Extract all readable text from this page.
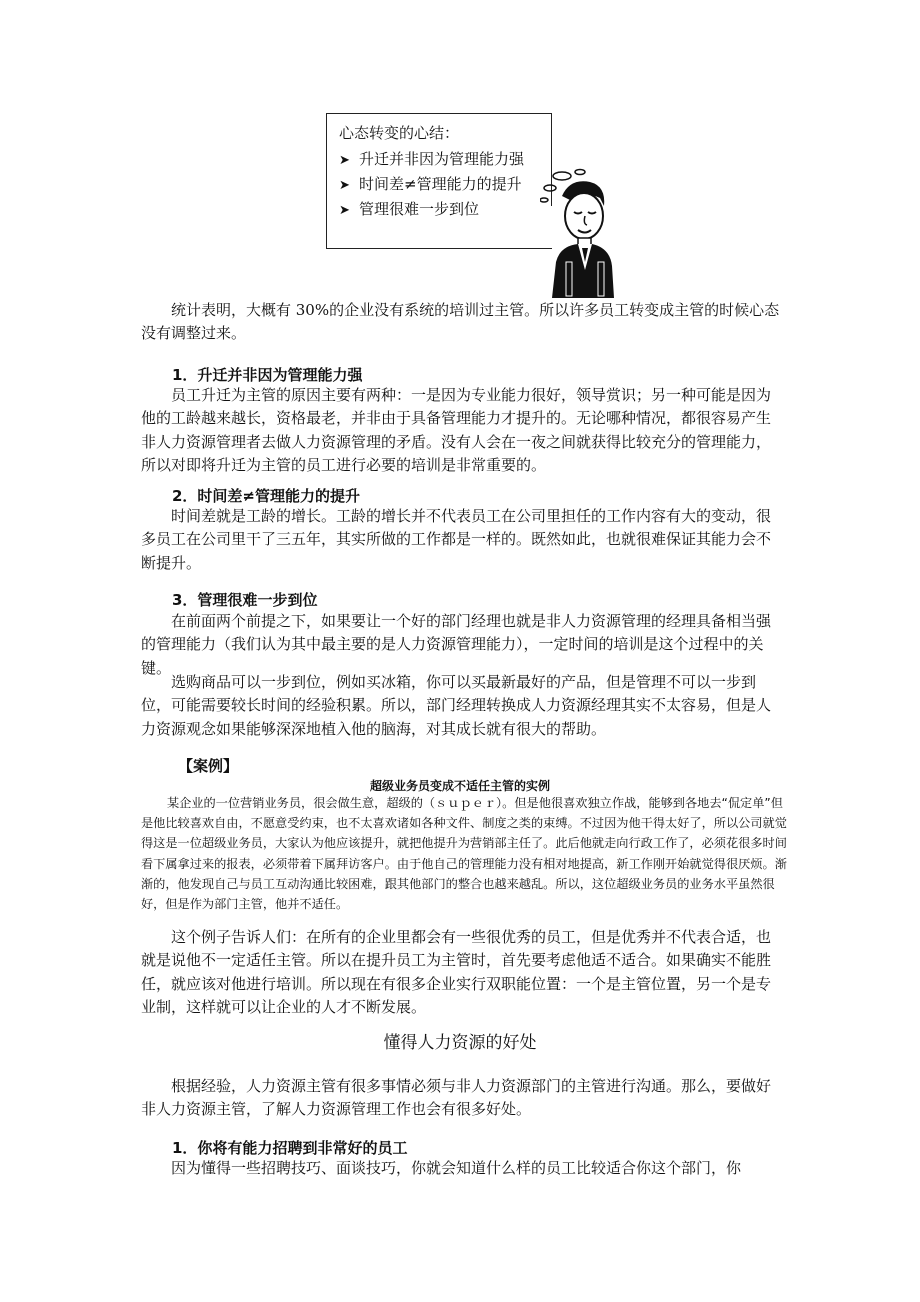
心态转变的心结：
➤ 升迁并非因为管理能力强
➤ 时间差≠管理能力的提升
➤ 管理很难一步到位

统计表明，大概有 30%的企业没有系统的培训过主管。所以许多员工转变成主管的时候心态没有调整过来。

1．升迁并非因为管理能力强

员工升迁为主管的原因主要有两种：一是因为专业能力很好，领导赏识；另一种可能是因为他的工龄越来越长，资格最老，并非由于具备管理能力才提升的。无论哪种情况，都很容易产生非人力资源管理者去做人力资源管理的矛盾。没有人会在一夜之间就获得比较充分的管理能力，所以对即将升迁为主管的员工进行必要的培训是非常重要的。

2．时间差≠管理能力的提升

时间差就是工龄的增长。工龄的增长并不代表员工在公司里担任的工作内容有大的变动，很多员工在公司里干了三五年，其实所做的工作都是一样的。既然如此，也就很难保证其能力会不断提升。

3．管理很难一步到位

在前面两个前提之下，如果要让一个好的部门经理也就是非人力资源管理的经理具备相当强的管理能力（我们认为其中最主要的是人力资源管理能力），一定时间的培训是这个过程中的关键。

选购商品可以一步到位，例如买冰箱，你可以买最新最好的产品，但是管理不可以一步到位，可能需要较长时间的经验积累。所以，部门经理转换成人力资源经理其实不太容易，但是人力资源观念如果能够深深地植入他的脑海，对其成长就有很大的帮助。

【案例】
超级业务员变成不适任主管的实例

某企业的一位营销业务员，很会做生意，超级的（ｓｕｐｅｒ）。但是他很喜欢独立作战，能够到各地去“侃定单”但是他比较喜欢自由，不愿意受约束，也不太喜欢诸如各种文件、制度之类的束缚。不过因为他干得太好了，所以公司就觉得这是一位超级业务员，大家认为他应该提升，就把他提升为营销部主任了。此后他就走向行政工作了，必须花很多时间看下属拿过来的报表，必须带着下属拜访客户。由于他自己的管理能力没有相对地提高，新工作刚开始就觉得很厌烦。渐渐的，他发现自己与员工互动沟通比较困难，跟其他部门的整合也越来越乱。所以，这位超级业务员的业务水平虽然很好，但是作为部门主管，他并不适任。

这个例子告诉人们：在所有的企业里都会有一些很优秀的员工，但是优秀并不代表合适，也就是说他不一定适任主管。所以在提升员工为主管时，首先要考虑他适不适合。如果确实不能胜任，就应该对他进行培训。所以现在有很多企业实行双职能位置：一个是主管位置，另一个是专业制，这样就可以让企业的人才不断发展。

懂得人力资源的好处

根据经验，人力资源主管有很多事情必须与非人力资源部门的主管进行沟通。那么，要做好非人力资源主管，了解人力资源管理工作也会有很多好处。

1．你将有能力招聘到非常好的员工

因为懂得一些招聘技巧、面谈技巧，你就会知道什么样的员工比较适合你这个部门，你
